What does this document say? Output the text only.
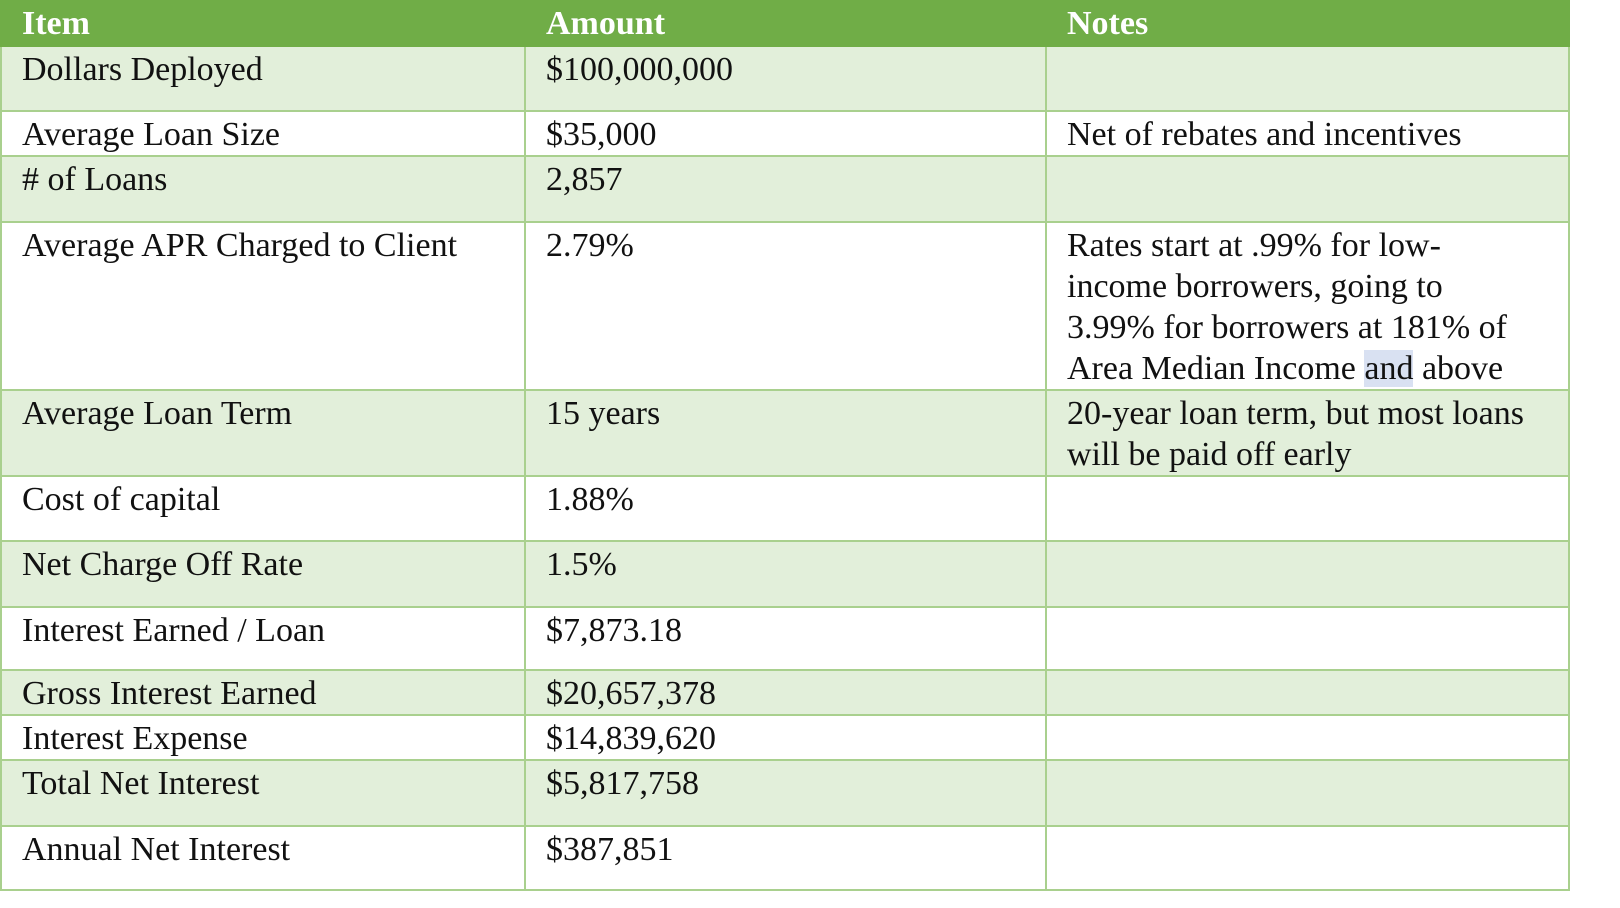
Item	Amount	Notes
Dollars Deployed	$100,000,000	
Average Loan Size	$35,000	Net of rebates and incentives
# of Loans	2,857	
Average APR Charged to Client	2.79%	Rates start at .99% for low-
income borrowers, going to
3.99% for borrowers at 181% of
Area Median Income and above
Average Loan Term	15 years	20-year loan term, but most loans
will be paid off early
Cost of capital	1.88%	
Net Charge Off Rate	1.5%	
Interest Earned / Loan	$7,873.18	
Gross Interest Earned	$20,657,378	
Interest Expense	$14,839,620	
Total Net Interest	$5,817,758	
Annual Net Interest	$387,851	
